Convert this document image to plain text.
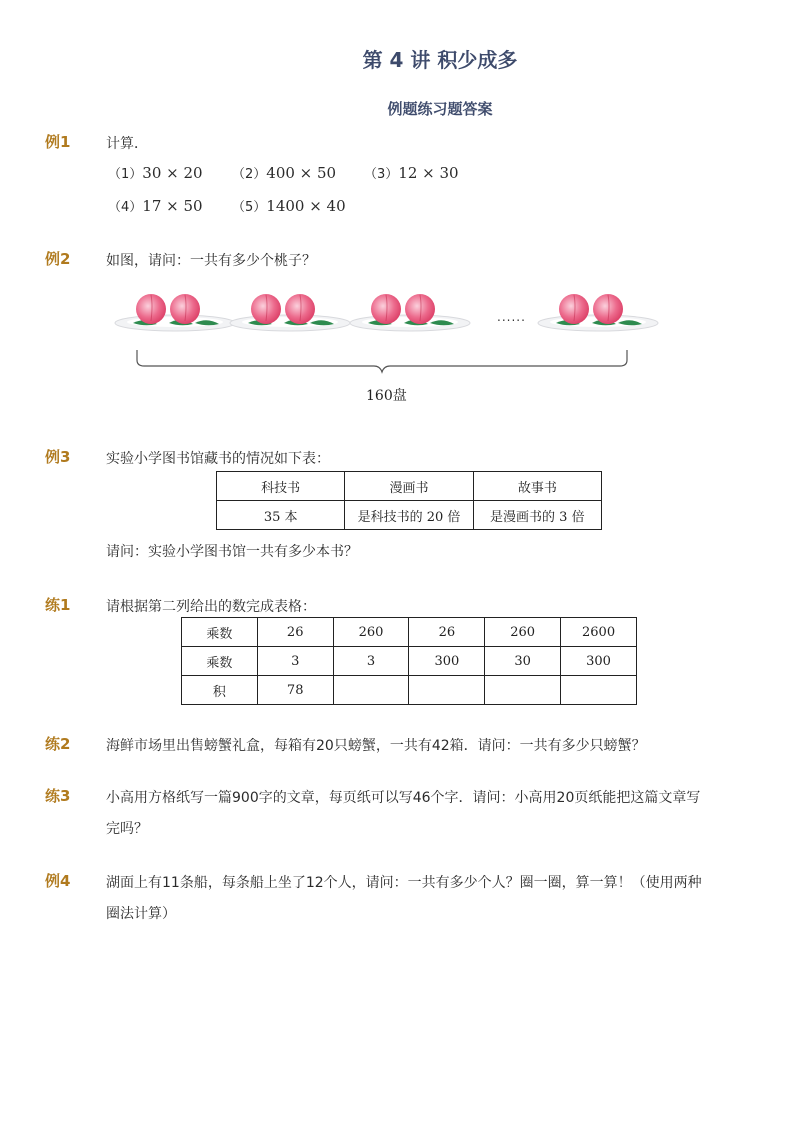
第 4 讲 积少成多
例题练习题答案
例1	计算．
（1）30 × 20 （2）400 × 50 （3）12 × 30
（4）17 × 50 （5）1400 × 40
例2	如图，请问：一共有多少个桃子？
......
160盘
例3	实验小学图书馆藏书的情况如下表：
科技书	漫画书	故事书
35 本	是科技书的 20 倍	是漫画书的 3 倍
请问：实验小学图书馆一共有多少本书？
练1	请根据第二列给出的数完成表格：
乘数	26	260	26	260	2600
乘数	3	3	300	30	300
积	78				
练2	海鲜市场里出售螃蟹礼盒，每箱有20只螃蟹，一共有42箱．请问：一共有多少只螃蟹？
练3	小高用方格纸写一篇900字的文章，每页纸可以写46个字．请问：小高用20页纸能把这篇文章写
完吗？
例4	湖面上有11条船，每条船上坐了12个人，请问：一共有多少个人？圈一圈，算一算！（使用两种
圈法计算）
